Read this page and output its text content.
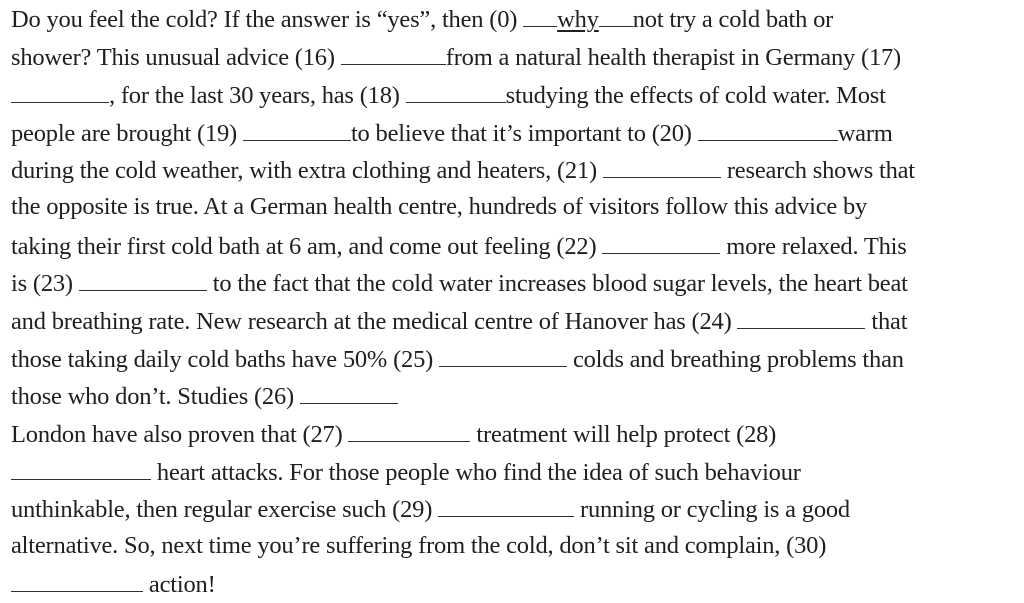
Do you feel the cold? If the answer is “yes”, then (0) why not try a cold bath or
shower? This unusual advice (16)	from a natural health therapist in Germany (17)
, for the last 30 years, has (18)	studying the effects of cold water. Most
people are brought (19)	to believe that it’s important to (20)	warm
during the cold weather, with extra clothing and heaters, (21)	research shows that
the opposite is true. At a German health centre, hundreds of visitors follow this advice by
taking their first cold bath at 6 am, and come out feeling (22)	more relaxed. This
is (23)	to the fact that the cold water increases blood sugar levels, the heart beat
and breathing rate. New research at the medical centre of Hanover has (24)	that
those taking daily cold baths have 50% (25)	colds and breathing problems than
those who don’t. Studies (26)
London have also proven that (27)	treatment will help protect (28)
heart attacks. For those people who find the idea of such behaviour
unthinkable, then regular exercise such (29)	running or cycling is a good
alternative. So, next time you’re suffering from the cold, don’t sit and complain, (30)
action!
